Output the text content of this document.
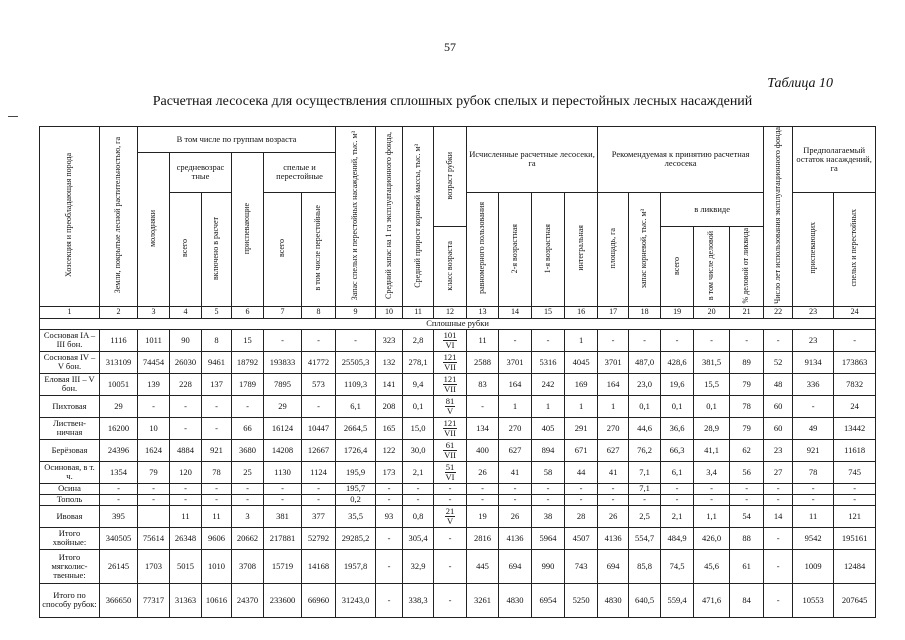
57
Таблица 10
Расчетная лесосека для осуществления сплошных рубок спелых и перестойных лесных насаждений
Хозсекция и преобладающая порода	Земли, покрытые лесной растительностью, га	В том числе по группам возраста						Запас спелых и перестойных насаждений, тыс. м³	Средний запас на 1 га эксплуатационного фонда,	Средний прирост корневой массы, тыс. м³	возраст рубки	Исчисленные расчетные лесосеки, га				Рекомендуемая к принятию расчетная лесосека					Число лет использования эксплуатационного фонда	Предполагаемый остаток насаждений, га	
		молодняки	средневозрас тные		приспевающие	спелые и перестойные																	
			всего	включено в расчет		всего	в том числе перестойные					равномерного пользования	2-я возрастная	1-я возрастная	интегральная	площадь, га	запас корневой, тыс. м³	в ликвиде				приспевающих	спелых и перестойных
											класс возраста							всего	в том числе деловой	% деловой от ликвида			
1	2	3	4	5	6	7	8	9	10	11	12	13	14	15	16	17	18	19	20	21	22	23	24
Сплошные рубки																							
Сосновая IA – III бон.	1116	1011	90	8	15	-	-	-	323	2,8	$\frac{101}{VI}$	11	-	-	1	-	-	-	-	-	-	23	-
Сосновая IV – V бон.	313109	74454	26030	9461	18792	193833	41772	25505,3	132	278,1	$\frac{121}{\text{VII}}$	2588	3701	5316	4045	3701	487,0	428,6	381,5	89	52	9134	173863
Еловая III – V бон.	10051	139	228	137	1789	7895	573	1109,3	141	9,4	$\frac{121}{\text{VII}}$	83	164	242	169	164	23,0	19,6	15,5	79	48	336	7832
Пихтовая	29	-	-	-	-	29	-	6,1	208	0,1	$\frac{81}{V}$	-	1	1	1	1	0,1	0,1	0,1	78	60	-	24
Листвен-ничная	16200	10	-	-	66	16124	10447	2664,5	165	15,0	$\frac{121}{\text{VII}}$	134	270	405	291	270	44,6	36,6	28,9	79	60	49	13442
Берёзовая	24396	1624	4884	921	3680	14208	12667	1726,4	122	30,0	$\frac{61}{\text{VII}}$	400	627	894	671	627	76,2	66,3	41,1	62	23	921	11618
Осиновая, в т. ч.	1354	79	120	78	25	1130	1124	195,9	173	2,1	$\frac{51}{VI}$	26	41	58	44	41	7,1	6,1	3,4	56	27	78	745
Осина	-	-	-	-	-	-	-	195,7	-	-	-	-	-	-	-	-	7,1	-	-	-	-	-	-
Тополь	-	-	-	-	-	-	-	0,2	-	-	-	-	-	-	-	-	-	-	-	-	-	-	-
Ивовая	395		11	11	3	381	377	35,5	93	0,8	$\frac{21}{V}$	19	26	38	28	26	2,5	2,1	1,1	54	14	11	121
Итого хвойные:	340505	75614	26348	9606	20662	217881	52792	29285,2	-	305,4	-	2816	4136	5964	4507	4136	554,7	484,9	426,0	88	-	9542	195161
Итого мягколис-твенные:	26145	1703	5015	1010	3708	15719	14168	1957,8	-	32,9	-	445	694	990	743	694	85,8	74,5	45,6	61	-	1009	12484
Итого по способу рубок:	366650	77317	31363	10616	24370	233600	66960	31243,0	-	338,3	-	3261	4830	6954	5250	4830	640,5	559,4	471,6	84	-	10553	207645
